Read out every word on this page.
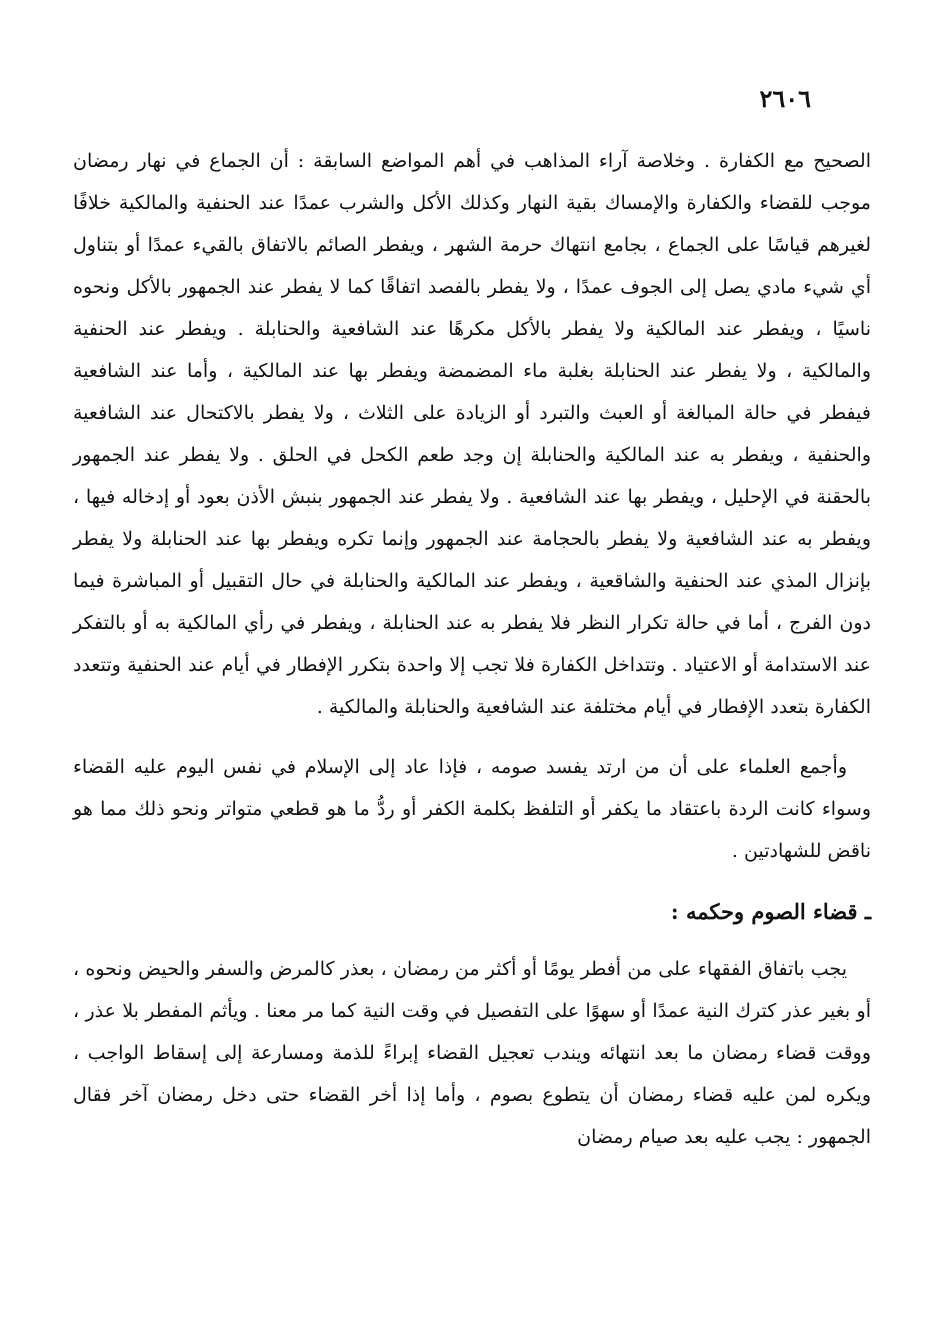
٢٦٠٦

الصحيح مع الكفارة . وخلاصة آراء المذاهب في أهم المواضع السابقة : أن الجماع في نهار رمضان موجب للقضاء والكفارة والإمساك بقية النهار وكذلك الأكل والشرب عمدًا عند الحنفية والمالكية خلافًا لغيرهم قياسًا على الجماع ، بجامع انتهاك حرمة الشهر ، ويفطر الصائم بالاتفاق بالقيء عمدًا أو بتناول أي شيء مادي يصل إلى الجوف عمدًا ، ولا يفطر بالفصد اتفاقًا كما لا يفطر عند الجمهور بالأكل ونحوه ناسيًا ، ويفطر عند المالكية ولا يفطر بالأكل مكرهًا عند الشافعية والحنابلة . ويفطر عند الحنفية والمالكية ، ولا يفطر عند الحنابلة بغلبة ماء المضمضة ويفطر بها عند المالكية ، وأما عند الشافعية فيفطر في حالة المبالغة أو العبث والتبرد أو الزيادة على الثلاث ، ولا يفطر بالاكتحال عند الشافعية والحنفية ، ويفطر به عند المالكية والحنابلة إن وجد طعم الكحل في الحلق . ولا يفطر عند الجمهور بالحقنة في الإحليل ، ويفطر بها عند الشافعية . ولا يفطر عند الجمهور بنبش الأذن بعود أو إدخاله فيها ، ويفطر به عند الشافعية ولا يفطر بالحجامة عند الجمهور وإنما تكره ويفطر بها عند الحنابلة ولا يفطر بإنزال المذي عند الحنفية والشاقعية ، ويفطر عند المالكية والحنابلة في حال التقبيل أو المباشرة فيما دون الفرج ، أما في حالة تكرار النظر فلا يفطر به عند الحنابلة ، ويفطر في رأي المالكية به أو بالتفكر عند الاستدامة أو الاعتياد . وتتداخل الكفارة فلا تجب إلا واحدة بتكرر الإفطار في أيام عند الحنفية وتتعدد الكفارة بتعدد الإفطار في أيام مختلفة عند الشافعية والحنابلة والمالكية .

وأجمع العلماء على أن من ارتد يفسد صومه ، فإذا عاد إلى الإسلام في نفس اليوم عليه القضاء وسواء كانت الردة باعتقاد ما يكفر أو التلفظ بكلمة الكفر أو ردُّ ما هو قطعي متواتر ونحو ذلك مما هو ناقض للشهادتين .

ـ قضاء الصوم وحكمه :

يجب باتفاق الفقهاء على من أفطر يومًا أو أكثر من رمضان ، بعذر كالمرض والسفر والحيض ونحوه ، أو بغير عذر كترك النية عمدًا أو سهوًا على التفصيل في وقت النية كما مر معنا . ويأثم المفطر بلا عذر ، ووقت قضاء رمضان ما بعد انتهائه ويندب تعجيل القضاء إبراءً للذمة ومسارعة إلى إسقاط الواجب ، ويكره لمن عليه قضاء رمضان أن يتطوع بصوم ، وأما إذا أخر القضاء حتى دخل رمضان آخر فقال الجمهور : يجب عليه بعد صيام رمضان
